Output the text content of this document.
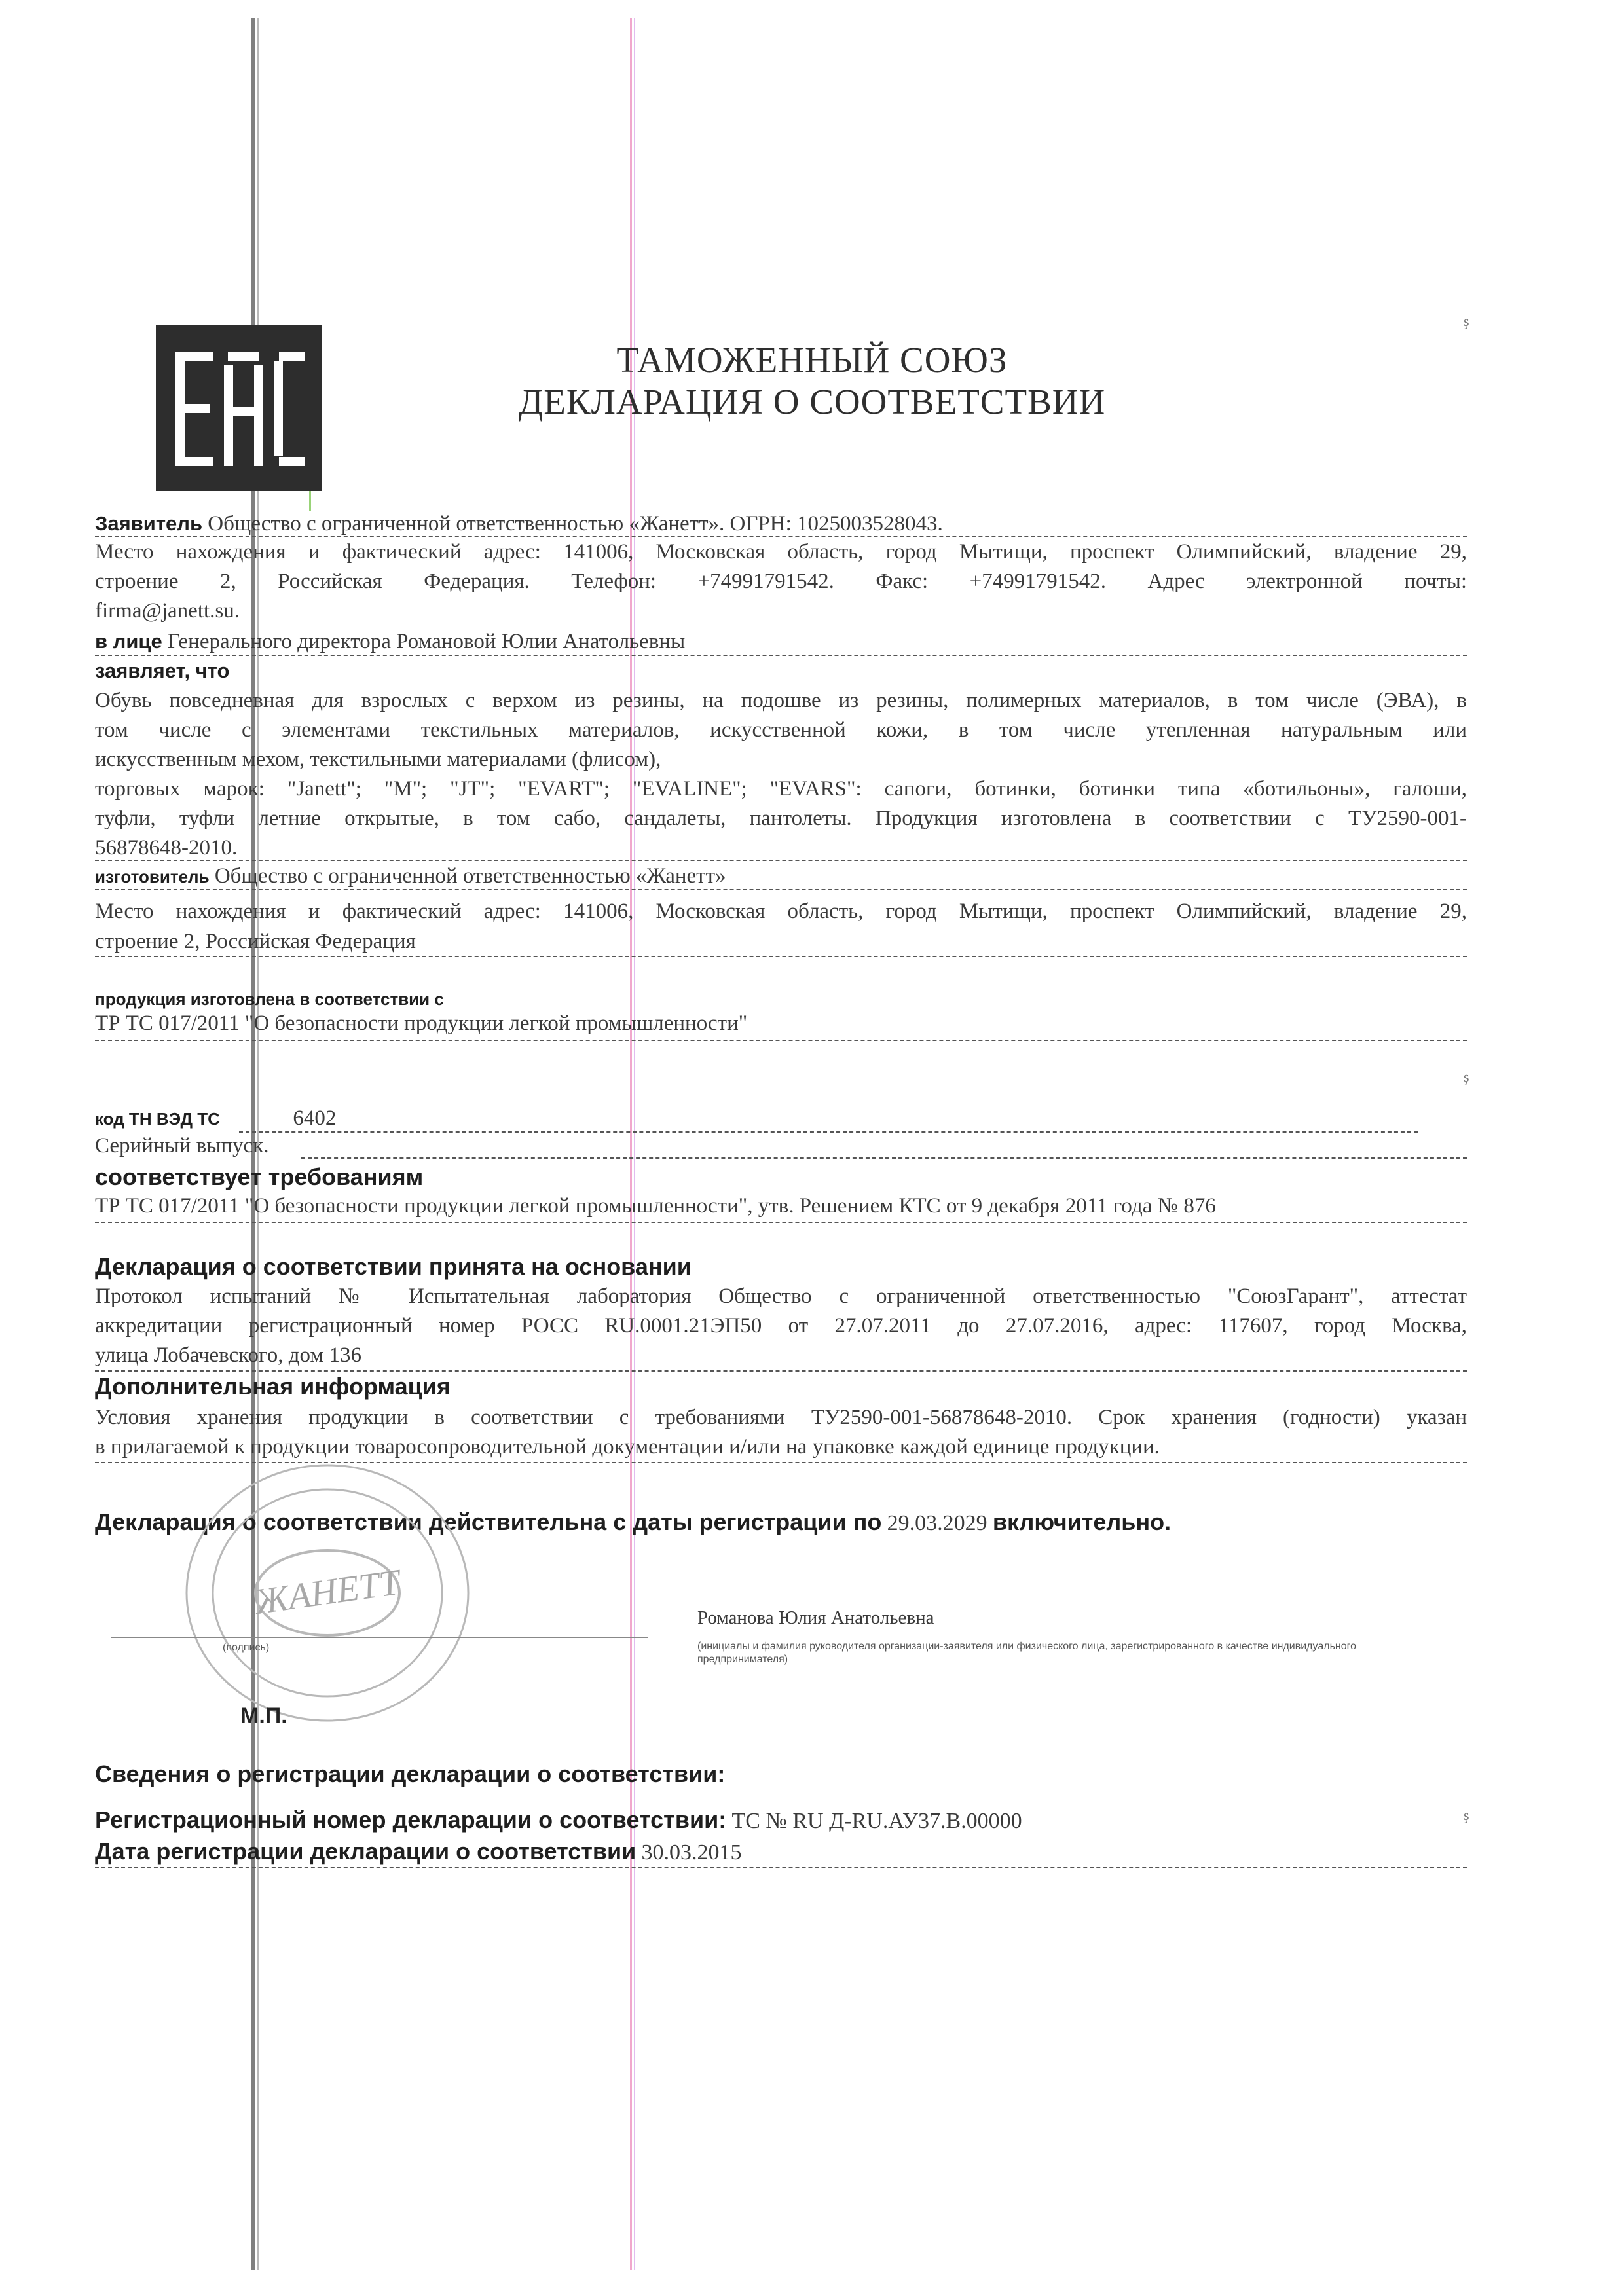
ТАМОЖЕННЫЙ СОЮЗ
ДЕКЛАРАЦИЯ О СООТВЕТСТВИИ
Заявитель Общество с ограниченной ответственностью «Жанетт». ОГРН: 1025003528043.
Место нахождения и фактический адрес: 141006, Московская область, город Мытищи, проспект Олимпийский, владение 29,
строение 2, Российская Федерация. Телефон: +74991791542. Факс: +74991791542. Адрес электронной почты:
firma@janett.su.
в лице Генерального директора Романовой Юлии Анатольевны
заявляет, что
Обувь повседневная для взрослых с верхом из резины, на подошве из резины, полимерных материалов, в том числе (ЭВА), в
том числе с элементами текстильных материалов, искусственной кожи, в том числе утепленная натуральным или
искусственным мехом, текстильными материалами (флисом),
торговых марок: "Janett"; "M"; "JT"; "EVART"; "EVALINE"; "EVARS": сапоги, ботинки, ботинки типа «ботильоны», галоши,
туфли, туфли летние открытые, в том сабо, сандалеты, пантолеты. Продукция изготовлена в соответствии с ТУ2590-001-
56878648-2010.
изготовитель Общество с ограниченной ответственностью «Жанетт»
Место нахождения и фактический адрес: 141006, Московская область, город Мытищи, проспект Олимпийский, владение 29,
строение 2, Российская Федерация
продукция изготовлена в соответствии с
ТР ТС 017/2011 "О безопасности продукции легкой промышленности"
код ТН ВЭД ТС	6402
Серийный выпуск.
соответствует требованиям
ТР ТС 017/2011 "О безопасности продукции легкой промышленности", утв. Решением КТС от 9 декабря 2011 года № 876
Декларация о соответствии принята на основании
Протокол испытаний № Испытательная лаборатория Общество с ограниченной ответственностью "СоюзГарант", аттестат
аккредитации регистрационный номер РОСС RU.0001.21ЭП50 от 27.07.2011 до 27.07.2016, адрес: 117607, город Москва,
улица Лобачевского, дом 136
Дополнительная информация
Условия хранения продукции в соответствии с требованиями ТУ2590-001-56878648-2010. Срок хранения (годности) указан
в прилагаемой к продукции товаросопроводительной документации и/или на упаковке каждой единице продукции.
Декларация о соответствии действительна с даты регистрации по 29.03.2029 включительно.
ЖАНЕТТ	Романова Юлия Анатольевна
(подпись)	(инициалы и фамилия руководителя организации-заявителя или физического лица, зарегистрированного в качестве индивидуального предпринимателя)
М.П.
Сведения о регистрации декларации о соответствии:
Регистрационный номер декларации о соответствии: ТС № RU Д-RU.АУ37.В.00000
Дата регистрации декларации о соответствии 30.03.2015
ş
ş
ş
